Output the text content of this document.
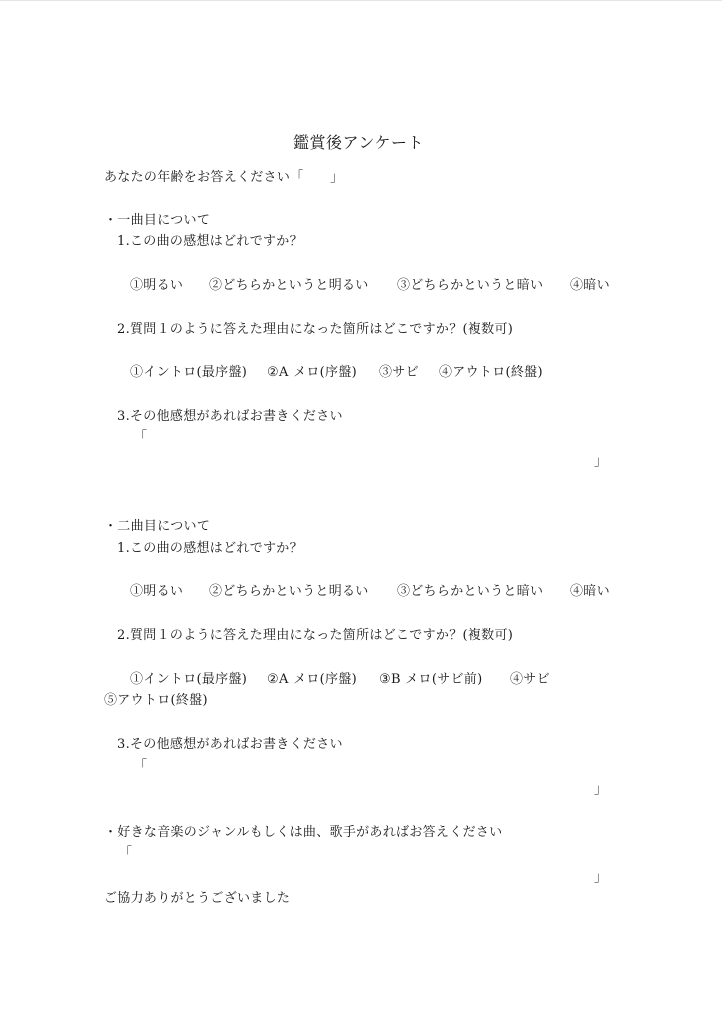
鑑賞後アンケート
あなたの年齢をお答えください「　　」
・一曲目について
1.この曲の感想はどれですか？
①明るい ②どちらかというと明るい ③どちらかというと暗い ④暗い
2.質問１のように答えた理由になった箇所はどこですか？(複数可)
①イントロ(最序盤) ②A メロ(序盤) ③サビ ④アウトロ(終盤)
3.その他感想があればお書きください
「
」
・二曲目について
1.この曲の感想はどれですか？
①明るい ②どちらかというと明るい ③どちらかというと暗い ④暗い
2.質問１のように答えた理由になった箇所はどこですか？(複数可)
①イントロ(最序盤) ②A メロ(序盤) ③B メロ(サビ前) ④サビ
⑤アウトロ(終盤)
3.その他感想があればお書きください
「
」
・好きな音楽のジャンルもしくは曲、歌手があればお答えください
「
」
ご協力ありがとうございました
